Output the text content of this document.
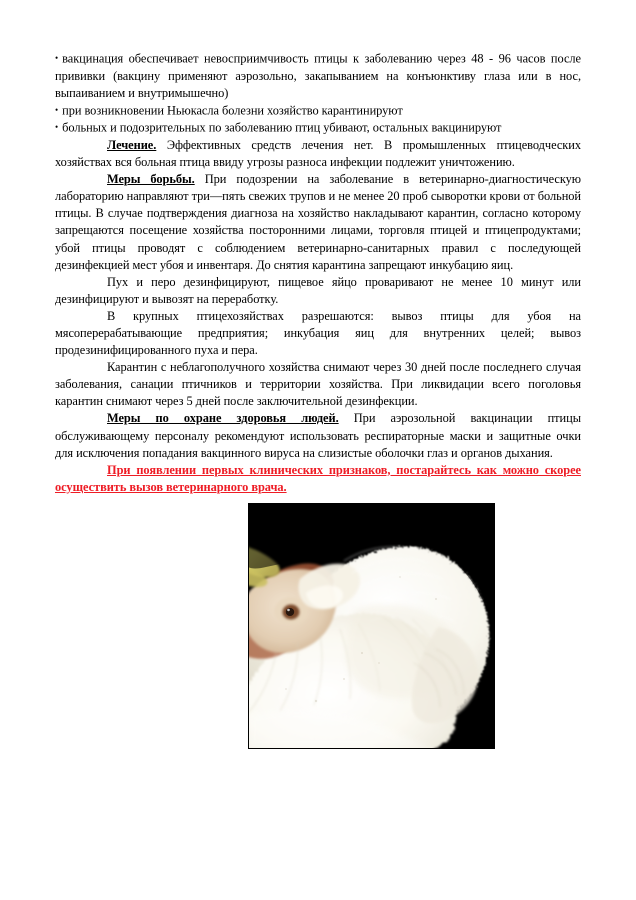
• вакцинация обеспечивает невосприимчивость птицы к заболеванию через 48 - 96 часов после прививки (вакцину применяют аэрозольно, закапыванием на конъюнктиву глаза или в нос, выпаиванием и внутримышечно)

• при возникновении Ньюкасла болезни хозяйство карантинируют

• больных и подозрительных по заболеванию птиц убивают, остальных вакцинируют

Лечение. Эффективных средств лечения нет. В промышленных птицеводческих хозяйствах вся больная птица ввиду угрозы разноса инфекции подлежит уничтожению.

Меры борьбы. При подозрении на заболевание в ветеринарно-диагностическую лабораторию направляют три—пять свежих трупов и не менее 20 проб сыворотки крови от больной птицы. В случае подтверждения диагноза на хозяйство накладывают карантин, согласно которому запрещаются посещение хозяйства посторонними лицами, торговля птицей и птицепродуктами; убой птицы проводят с соблюдением ветеринарно-санитарных правил с последующей дезинфекцией мест убоя и инвентаря. До снятия карантина запрещают инкубацию яиц.

Пух и перо дезинфицируют, пищевое яйцо проваривают не менее 10 минут или дезинфицируют и вывозят на переработку.

В крупных птицехозяйствах разрешаются: вывоз птицы для убоя на мясоперерабатывающие предприятия; инкубация яиц для внутренних целей; вывоз продезинифицированного пуха и пера.

Карантин с неблагополучного хозяйства снимают через 30 дней после последнего случая заболевания, санации птичников и территории хозяйства. При ликвидации всего поголовья карантин снимают через 5 дней после заключительной дезинфекции.

Меры по охране здоровья людей. При аэрозольной вакцинации птицы обслуживающему персоналу рекомендуют использовать респираторные маски и защитные очки для исключения попадания вакцинного вируса на слизистые оболочки глаз и органов дыхания.

При появлении первых клинических признаков, постарайтесь как можно скорее осуществить вызов ветеринарного врача.
